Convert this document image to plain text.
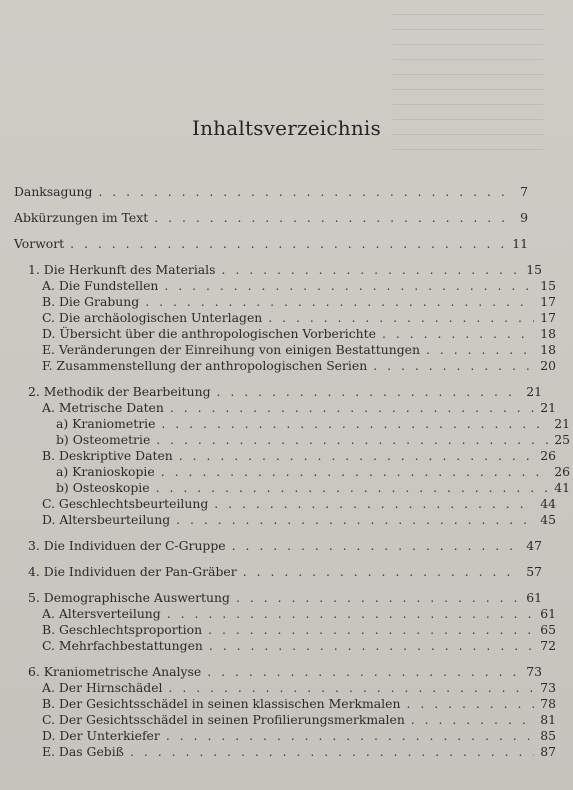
Inhaltsverzeichnis
Danksagung . . .	7
Abkürzungen im Text . . .	9
Vorwort . . .	11
1. Die Herkunft des Materials . . .	15
A. Die Fundstellen . . .	15
B. Die Grabung . . .	17
C. Die archäologischen Unterlagen . . .	17
D. Übersicht über die anthropologischen Vorberichte . . .	18
E. Veränderungen der Einreihung von einigen Bestattungen . . .	18
F. Zusammenstellung der anthropologischen Serien . . .	20
2. Methodik der Bearbeitung . . .	21
A. Metrische Daten . . .	21
a) Kraniometrie . . .	21
b) Osteometrie . . .	25
B. Deskriptive Daten . . .	26
a) Kranioskopie . . .	26
b) Osteoskopie . . .	41
C. Geschlechtsbeurteilung . . .	44
D. Altersbeurteilung . . .	45
3. Die Individuen der C-Gruppe . . .	47
4. Die Individuen der Pan-Gräber . . .	57
5. Demographische Auswertung . . .	61
A. Altersverteilung . . .	61
B. Geschlechtsproportion . . .	65
C. Mehrfachbestattungen . . .	72
6. Kraniometrische Analyse . . .	73
A. Der Hirnschädel . . .	73
B. Der Gesichtsschädel in seinen klassischen Merkmalen . . .	78
C. Der Gesichtsschädel in seinen Profilierungsmerkmalen . . .	81
D. Der Unterkiefer . . .	85
E. Das Gebiß . . .	87
